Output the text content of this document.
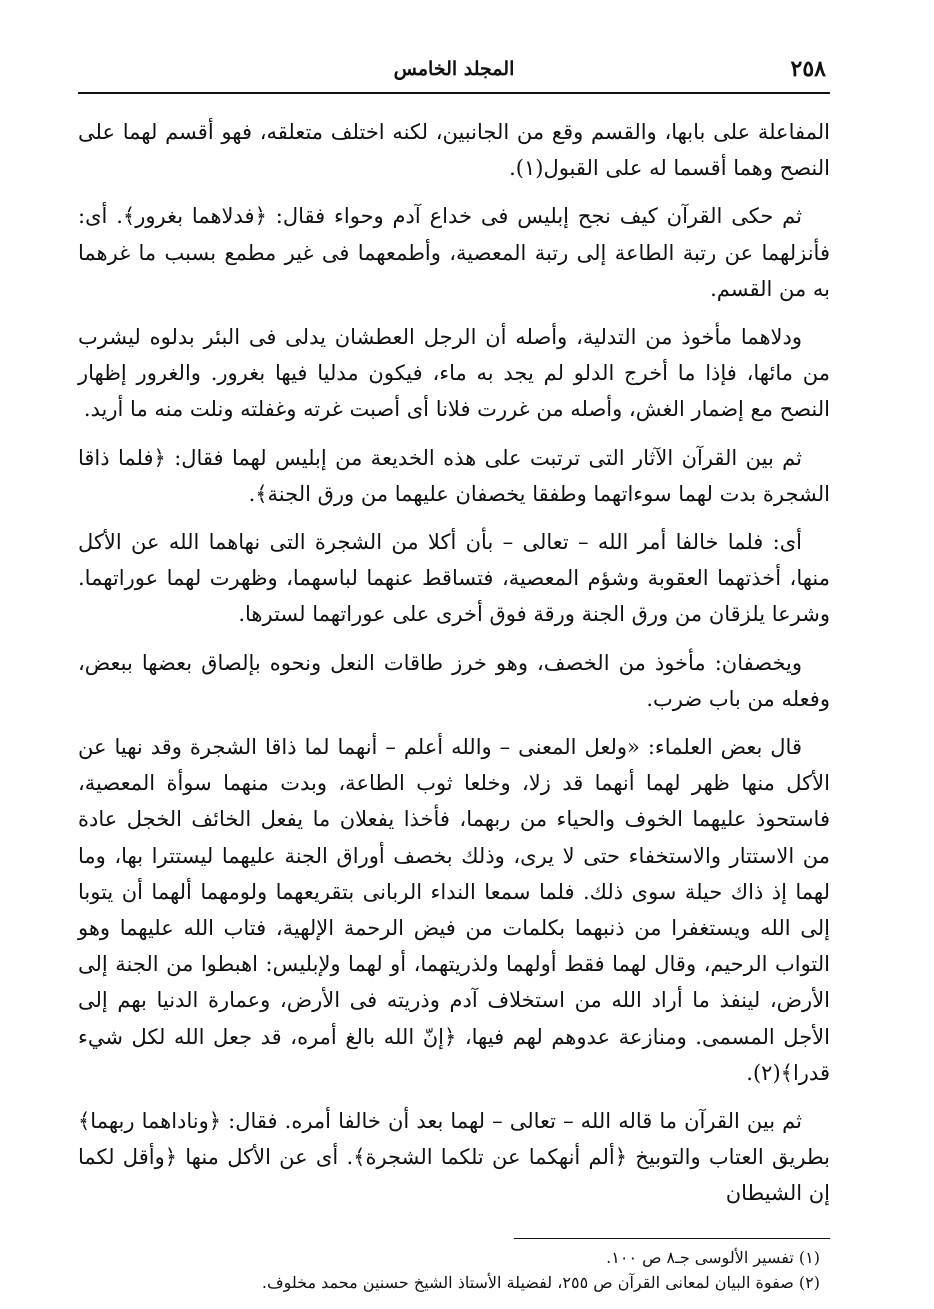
٢٥٨
المجلد الخامس

المفاعلة على بابها، والقسم وقع من الجانبين، لكنه اختلف متعلقه، فهو أقسم لهما على النصح وهما أقسما له على القبول(١).

ثم حكى القرآن كيف نجح إبليس فى خداع آدم وحواء فقال: ﴿فدلاهما بغرور﴾. أى: فأنزلهما عن رتبة الطاعة إلى رتبة المعصية، وأطمعهما فى غير مطمع بسبب ما غرهما به من القسم.

ودلاهما مأخوذ من التدلية، وأصله أن الرجل العطشان يدلى فى البئر بدلوه ليشرب من مائها، فإذا ما أخرج الدلو لم يجد به ماء، فيكون مدليا فيها بغرور. والغرور إظهار النصح مع إضمار الغش، وأصله من غررت فلانا أى أصبت غرته وغفلته ونلت منه ما أريد.

ثم بين القرآن الآثار التى ترتبت على هذه الخديعة من إبليس لهما فقال: ﴿فلما ذاقا الشجرة بدت لهما سوءاتهما وطفقا يخصفان عليهما من ورق الجنة﴾.

أى: فلما خالفا أمر الله – تعالى – بأن أكلا من الشجرة التى نهاهما الله عن الأكل منها، أخذتهما العقوبة وشؤم المعصية، فتساقط عنهما لباسهما، وظهرت لهما عوراتهما. وشرعا يلزقان من ورق الجنة ورقة فوق أخرى على عوراتهما لسترها.

ويخصفان: مأخوذ من الخصف، وهو خرز طاقات النعل ونحوه بإلصاق بعضها ببعض، وفعله من باب ضرب.

قال بعض العلماء: «ولعل المعنى – والله أعلم – أنهما لما ذاقا الشجرة وقد نهيا عن الأكل منها ظهر لهما أنهما قد زلا، وخلعا ثوب الطاعة، وبدت منهما سوأة المعصية، فاستحوذ عليهما الخوف والحياء من ربهما، فأخذا يفعلان ما يفعل الخائف الخجل عادة من الاستتار والاستخفاء حتى لا يرى، وذلك بخصف أوراق الجنة عليهما ليستترا بها، وما لهما إذ ذاك حيلة سوى ذلك. فلما سمعا النداء الربانى بتقريعهما ولومهما ألهما أن يتوبا إلى الله ويستغفرا من ذنبهما بكلمات من فيض الرحمة الإلهية، فتاب الله عليهما وهو التواب الرحيم، وقال لهما فقط أولهما ولذريتهما، أو لهما ولإبليس: اهبطوا من الجنة إلى الأرض، لينفذ ما أراد الله من استخلاف آدم وذريته فى الأرض، وعمارة الدنيا بهم إلى الأجل المسمى. ومنازعة عدوهم لهم فيها، ﴿إنّ الله بالغ أمره، قد جعل الله لكل شيء قدرا﴾(٢).

ثم بين القرآن ما قاله الله – تعالى – لهما بعد أن خالفا أمره. فقال: ﴿وناداهما ربهما﴾ بطريق العتاب والتوبيخ ﴿ألم أنهكما عن تلكما الشجرة﴾. أى عن الأكل منها ﴿وأقل لكما إن الشيطان

(١) تفسير الألوسى جـ٨ ص ١٠٠.

(٢) صفوة البيان لمعانى القرآن ص ٢٥٥، لفضيلة الأستاذ الشيخ حسنين محمد مخلوف.
